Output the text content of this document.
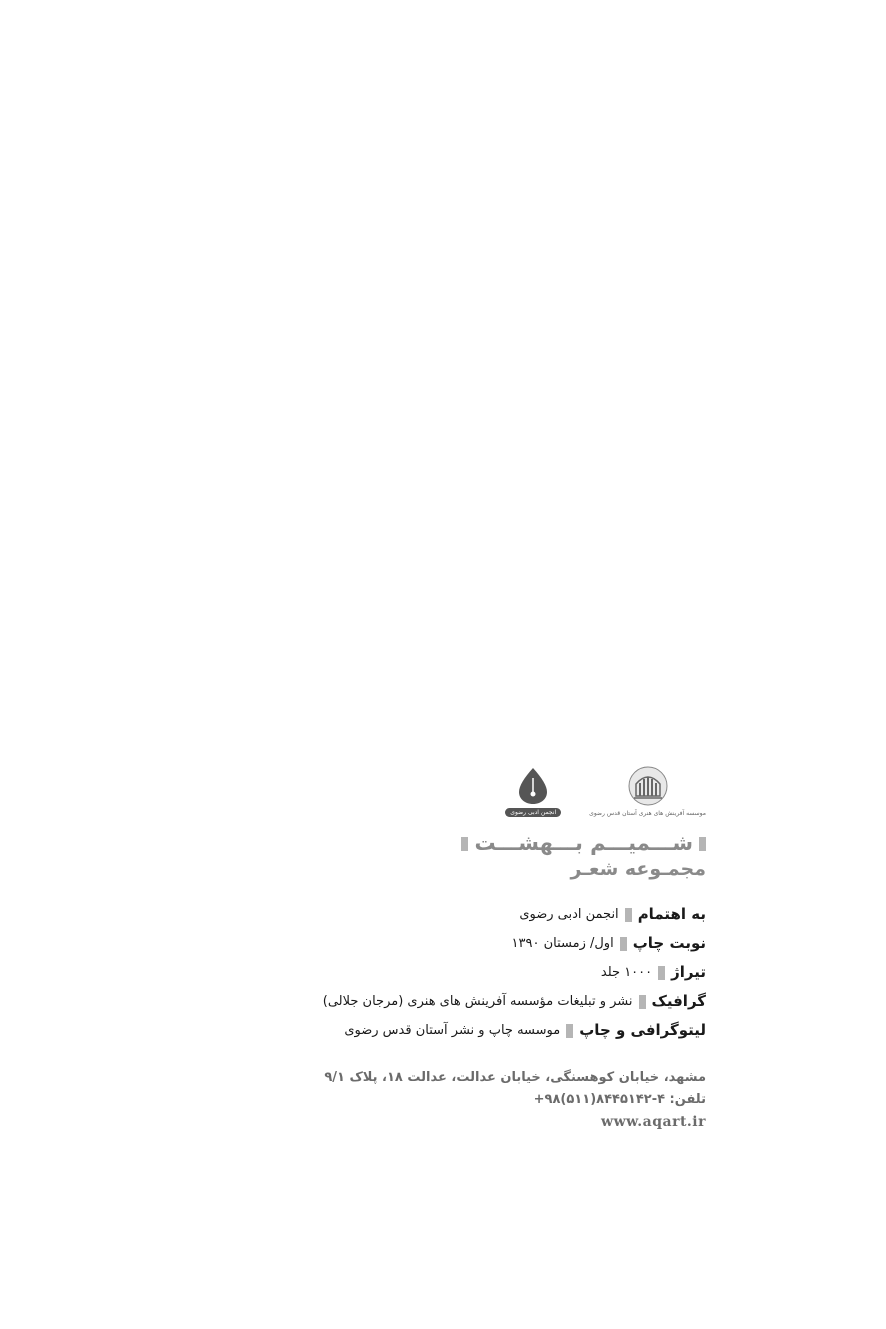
موسسه آفرینش های هنری آستان قدس رضوی
انجمن ادبی رضوی
شـــمیـــم بـــهشـــت
مجمـوعه شعـر
به اهتمام
انجمن ادبی رضوی
نوبت چاپ
اول/ زمستان ۱۳۹۰
تیراژ
۱۰۰۰ جلد
گرافیک
نشر و تبلیغات مؤسسه آفرینش های هنری (مرجان جلالی)
لیتوگرافی و چاپ
موسسه چاپ و نشر آستان قدس رضوی
مشهد، خیابان کوهسنگی، خیابان عدالت، عدالت ۱۸، پلاک ۹/۱
تلفن: ۴-۸۴۴۵۱۴۲(۵۱۱)۹۸+
www.aqart.ir
